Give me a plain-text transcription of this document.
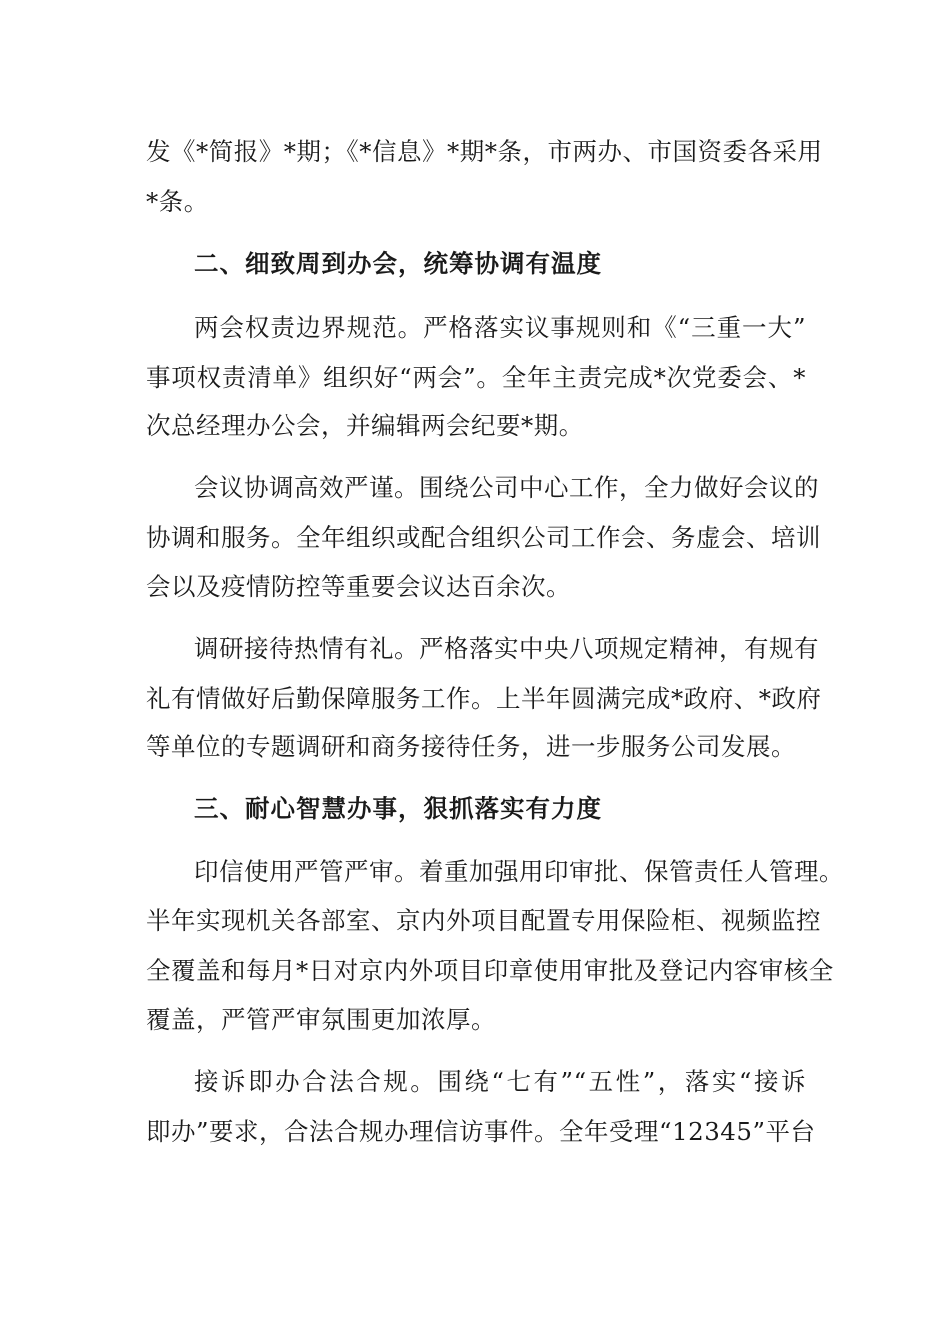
发《*简报》*期；《*信息》*期*条，市两办、市国资委各采用
*条。
二、细致周到办会，统筹协调有温度
两会权责边界规范。严格落实议事规则和《“三重一大”
事项权责清单》组织好“两会”。全年主责完成*次党委会、*
次总经理办公会，并编辑两会纪要*期。
会议协调高效严谨。围绕公司中心工作，全力做好会议的
协调和服务。全年组织或配合组织公司工作会、务虚会、培训
会以及疫情防控等重要会议达百余次。
调研接待热情有礼。严格落实中央八项规定精神，有规有
礼有情做好后勤保障服务工作。上半年圆满完成*政府、*政府
等单位的专题调研和商务接待任务，进一步服务公司发展。
三、耐心智慧办事，狠抓落实有力度
印信使用严管严审。着重加强用印审批、保管责任人管理。
半年实现机关各部室、京内外项目配置专用保险柜、视频监控
全覆盖和每月*日对京内外项目印章使用审批及登记内容审核全
覆盖，严管严审氛围更加浓厚。
接诉即办合法合规。围绕“七有”“五性”，落实“接诉
即办”要求，合法合规办理信访事件。全年受理“12345”平台
